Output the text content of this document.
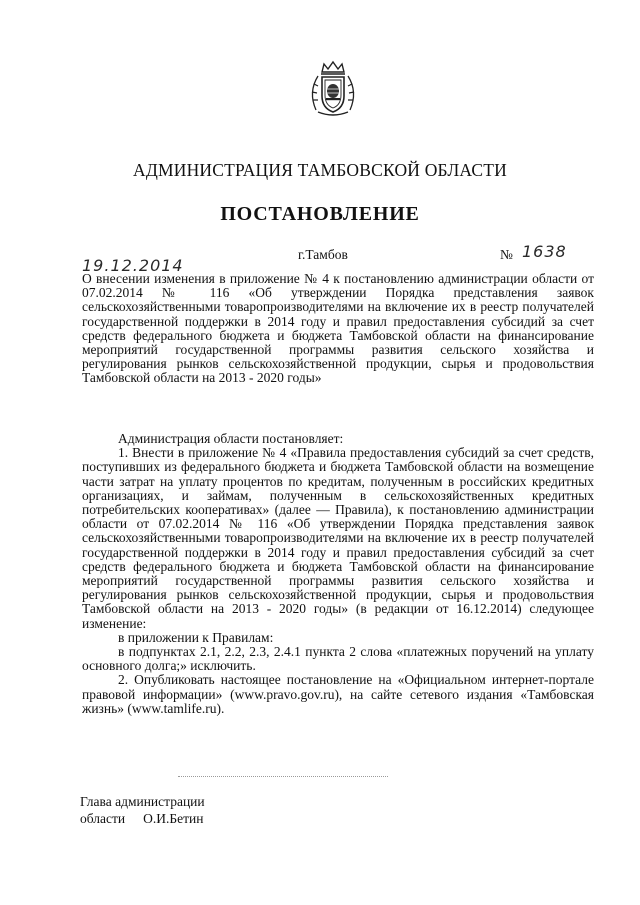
АДМИНИСТРАЦИЯ ТАМБОВСКОЙ ОБЛАСТИ
ПОСТАНОВЛЕНИЕ
г.Тамбов	№ 1638
19.12.2014
О внесении изменения в приложение № 4 к постановлению администрации области от 07.02.2014 № 116 «Об утверждении Порядка представления заявок сельскохозяйственными товаропроизводителями на включение их в реестр получателей государственной поддержки в 2014 году и правил предоставления субсидий за счет средств федерального бюджета и бюджета Тамбовской области на финансирование мероприятий государственной программы развития сельского хозяйства и регулирования рынков сельскохозяйственной продукции, сырья и продовольствия Тамбовской области на 2013 - 2020 годы»

Администрация области постановляет:

1. Внести в приложение № 4 «Правила предоставления субсидий за счет средств, поступивших из федерального бюджета и бюджета Тамбовской области на возмещение части затрат на уплату процентов по кредитам, полученным в российских кредитных организациях, и займам, полученным в сельскохозяйственных кредитных потребительских кооперативах» (далее — Правила), к постановлению администрации области от 07.02.2014 № 116 «Об утверждении Порядка представления заявок сельскохозяйственными товаропроизводителями на включение их в реестр получателей государственной поддержки в 2014 году и правил предоставления субсидий за счет средств федерального бюджета и бюджета Тамбовской области на финансирование мероприятий государственной программы развития сельского хозяйства и регулирования рынков сельскохозяйственной продукции, сырья и продовольствия Тамбовской области на 2013 - 2020 годы» (в редакции от 16.12.2014) следующее изменение:

в приложении к Правилам:

в подпунктах 2.1, 2.2, 2.3, 2.4.1 пункта 2 слова «платежных поручений на уплату основного долга;» исключить.

2. Опубликовать настоящее постановление на «Официальном интернет-портале правовой информации» (www.pravo.gov.ru), на сайте сетевого издания «Тамбовская жизнь» (www.tamlife.ru).

Глава администрации
области О.И.Бетин
